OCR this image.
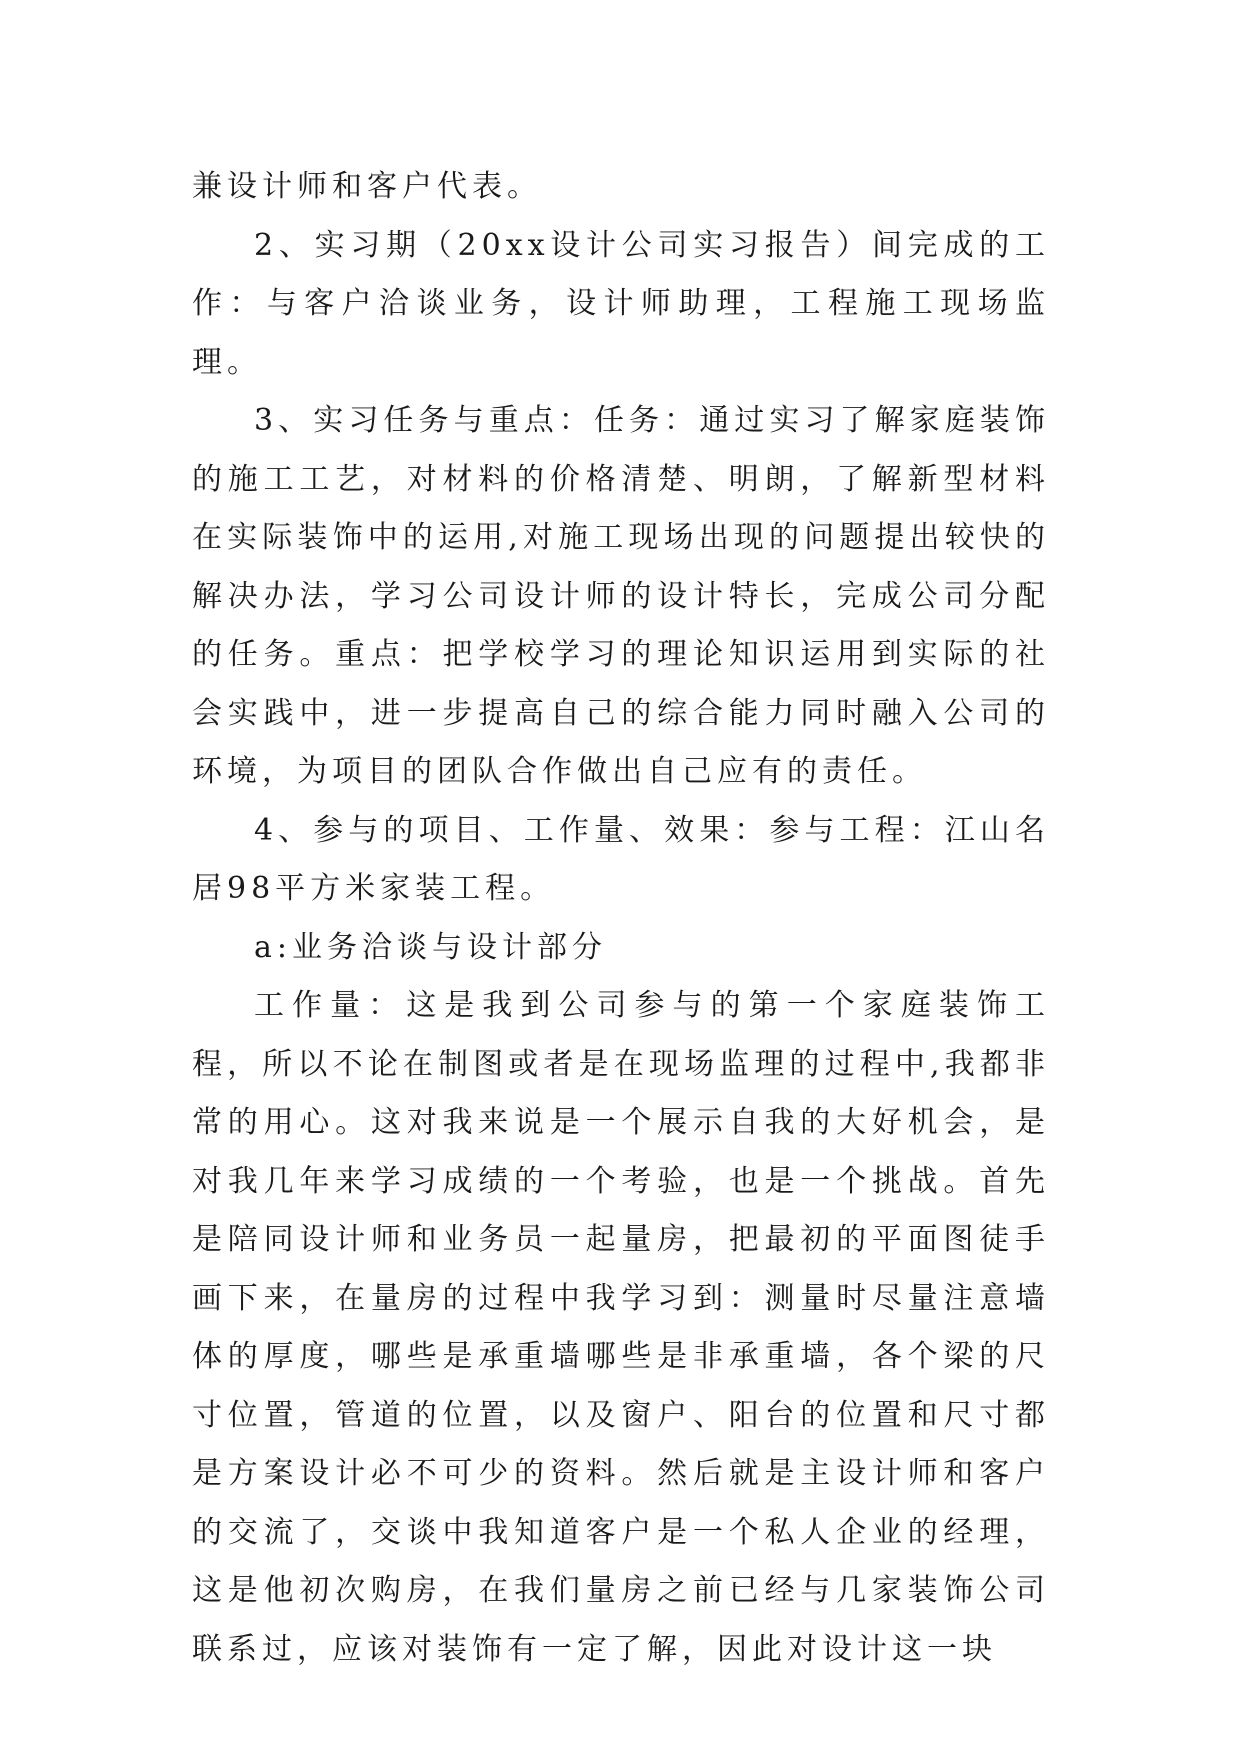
兼设计师和客户代表。

2、实习期（20xx设计公司实习报告）间完成的工作：与客户洽谈业务，设计师助理，工程施工现场监理。

3、实习任务与重点：任务：通过实习了解家庭装饰的施工工艺，对材料的价格清楚、明朗，了解新型材料在实际装饰中的运用,对施工现场出现的问题提出较快的解决办法，学习公司设计师的设计特长，完成公司分配的任务。重点：把学校学习的理论知识运用到实际的社会实践中，进一步提高自己的综合能力同时融入公司的环境，为项目的团队合作做出自己应有的责任。

4、参与的项目、工作量、效果：参与工程：江山名居98平方米家装工程。

a:业务洽谈与设计部分

工作量：这是我到公司参与的第一个家庭装饰工程，所以不论在制图或者是在现场监理的过程中,我都非常的用心。这对我来说是一个展示自我的大好机会，是对我几年来学习成绩的一个考验，也是一个挑战。首先是陪同设计师和业务员一起量房，把最初的平面图徒手画下来，在量房的过程中我学习到：测量时尽量注意墙体的厚度，哪些是承重墙哪些是非承重墙，各个梁的尺寸位置，管道的位置，以及窗户、阳台的位置和尺寸都是方案设计必不可少的资料。然后就是主设计师和客户的交流了，交谈中我知道客户是一个私人企业的经理，这是他初次购房，在我们量房之前已经与几家装饰公司联系过，应该对装饰有一定了解，因此对设计这一块
